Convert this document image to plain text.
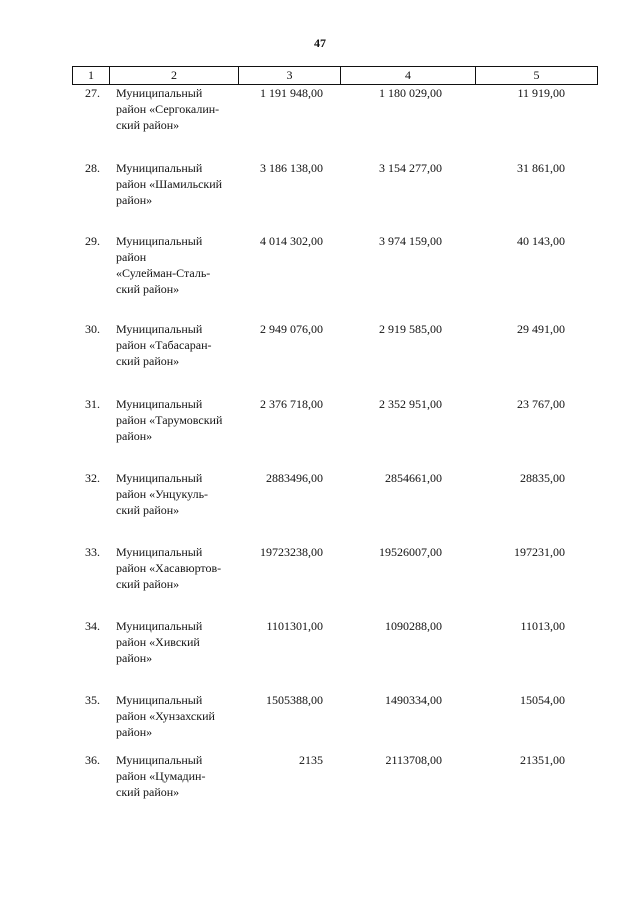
47
1	2	3	4	5
27. Муниципальный
район «Сергокалин-
ский район»
1 191 948,00	1 180 029,00	11 919,00
28. Муниципальный
район «Шамильский
район»
3 186 138,00	3 154 277,00	31 861,00
29. Муниципальный
район
«Сулейман-Сталь-
ский район»
4 014 302,00	3 974 159,00	40 143,00
30. Муниципальный
район «Табасаран-
ский район»
2 949 076,00	2 919 585,00	29 491,00
31. Муниципальный
район «Тарумовский
район»
2 376 718,00	2 352 951,00	23 767,00
32. Муниципальный
район «Унцукуль-
ский район»
2883496,00	2854661,00	28835,00
33. Муниципальный
район «Хасавюртов-
ский район»
19723238,00	19526007,00	197231,00
34. Муниципальный
район «Хивский
район»
1101301,00	1090288,00	11013,00
35. Муниципальный
район «Хунзахский
район»
1505388,00	1490334,00	15054,00
36. Муниципальный
район «Цумадин-
ский район»
2135	2113708,00	21351,00
